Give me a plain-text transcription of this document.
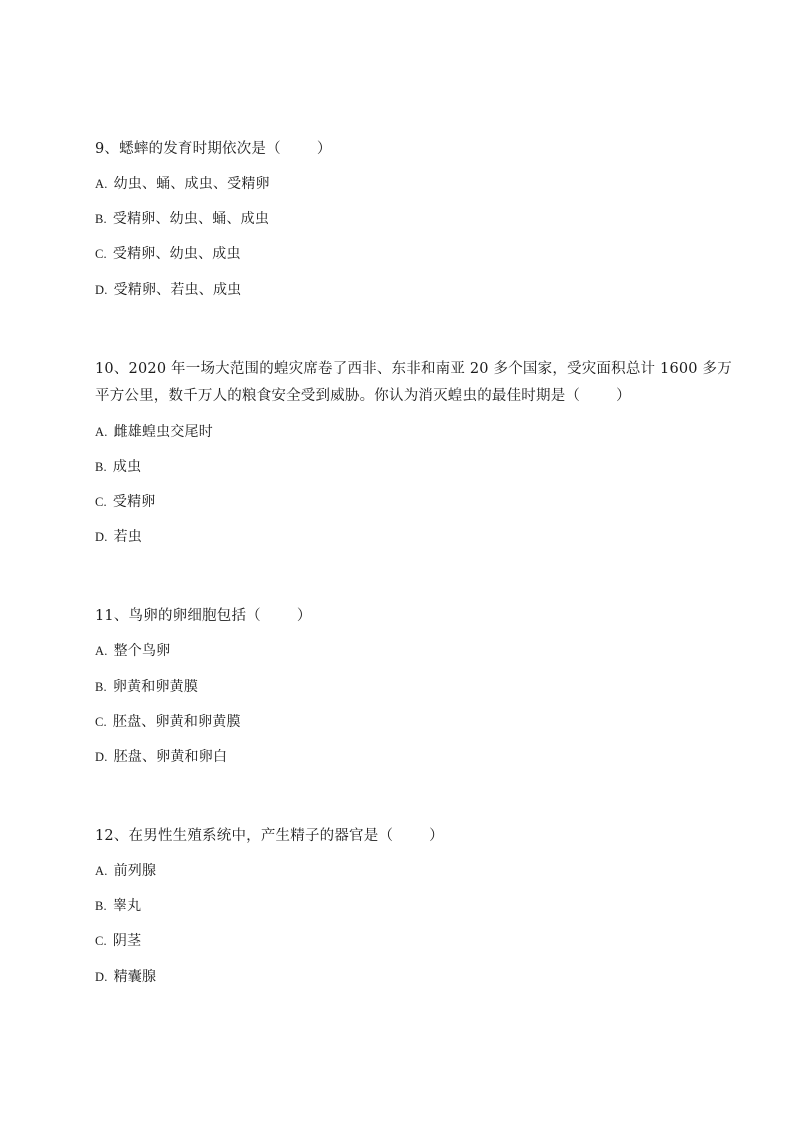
9、蟋蟀的发育时期依次是（ ）
A. 幼虫、蛹、成虫、受精卵
B. 受精卵、幼虫、蛹、成虫
C. 受精卵、幼虫、成虫
D. 受精卵、若虫、成虫
10、2020 年一场大范围的蝗灾席卷了西非、东非和南亚 20 多个国家，受灾面积总计 1600 多万
平方公里，数千万人的粮食安全受到威胁。你认为消灭蝗虫的最佳时期是（ ）
A. 雌雄蝗虫交尾时
B. 成虫
C. 受精卵
D. 若虫
11、鸟卵的卵细胞包括（ ）
A. 整个鸟卵
B. 卵黄和卵黄膜
C. 胚盘、卵黄和卵黄膜
D. 胚盘、卵黄和卵白
12、在男性生殖系统中，产生精子的器官是（ ）
A. 前列腺
B. 睾丸
C. 阴茎
D. 精囊腺
